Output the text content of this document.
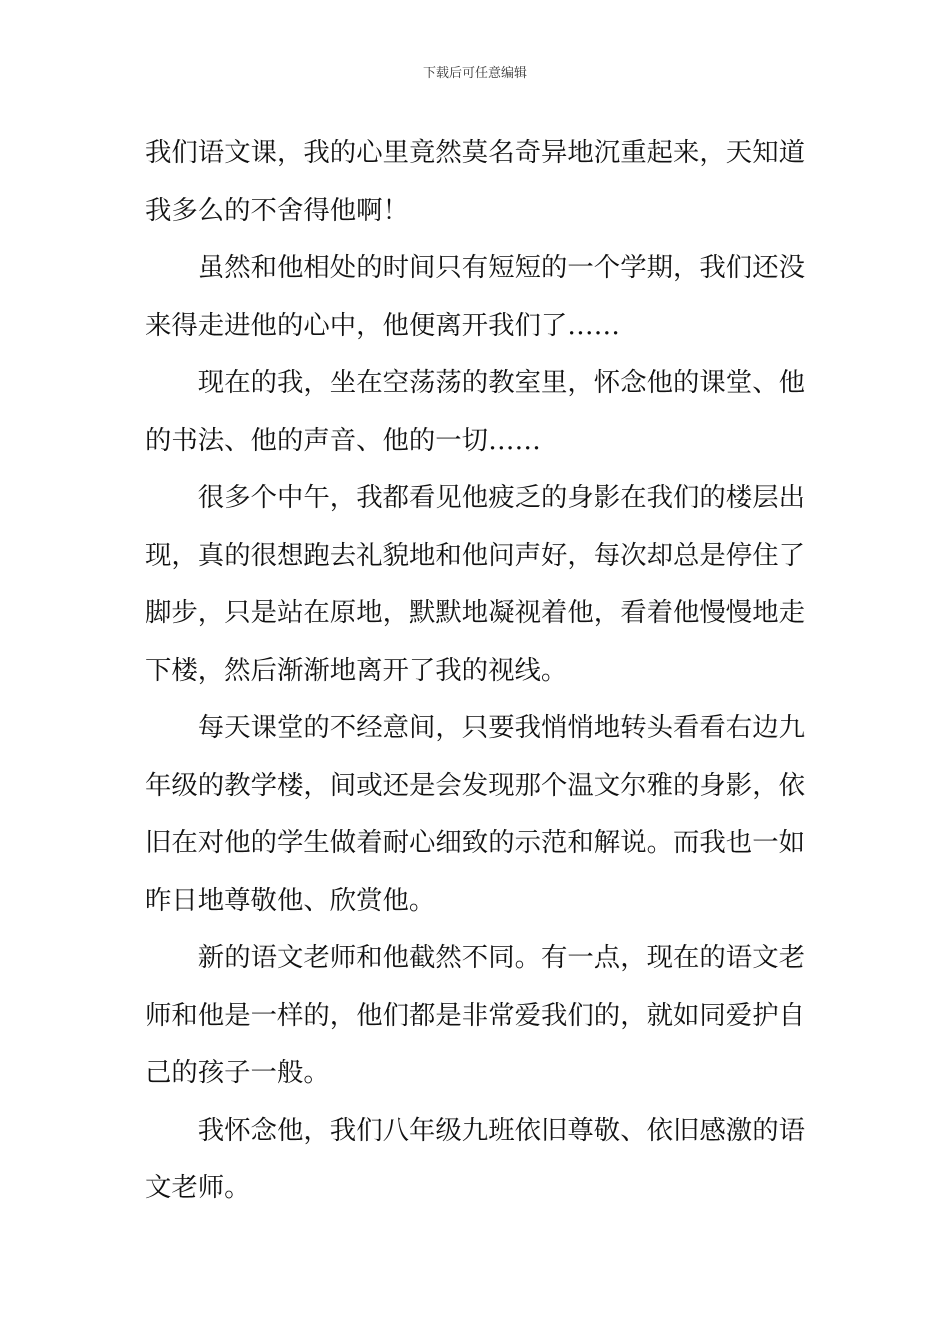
下载后可任意编辑

我们语文课，我的心里竟然莫名奇异地沉重起来，天知道我多么的不舍得他啊！

虽然和他相处的时间只有短短的一个学期，我们还没来得走进他的心中，他便离开我们了……

现在的我，坐在空荡荡的教室里，怀念他的课堂、他的书法、他的声音、他的一切……

很多个中午，我都看见他疲乏的身影在我们的楼层出现，真的很想跑去礼貌地和他问声好，每次却总是停住了脚步，只是站在原地，默默地凝视着他，看着他慢慢地走下楼，然后渐渐地离开了我的视线。

每天课堂的不经意间，只要我悄悄地转头看看右边九年级的教学楼，间或还是会发现那个温文尔雅的身影，依旧在对他的学生做着耐心细致的示范和解说。而我也一如昨日地尊敬他、欣赏他。

新的语文老师和他截然不同。有一点，现在的语文老师和他是一样的，他们都是非常爱我们的，就如同爱护自己的孩子一般。

我怀念他，我们八年级九班依旧尊敬、依旧感激的语文老师。
